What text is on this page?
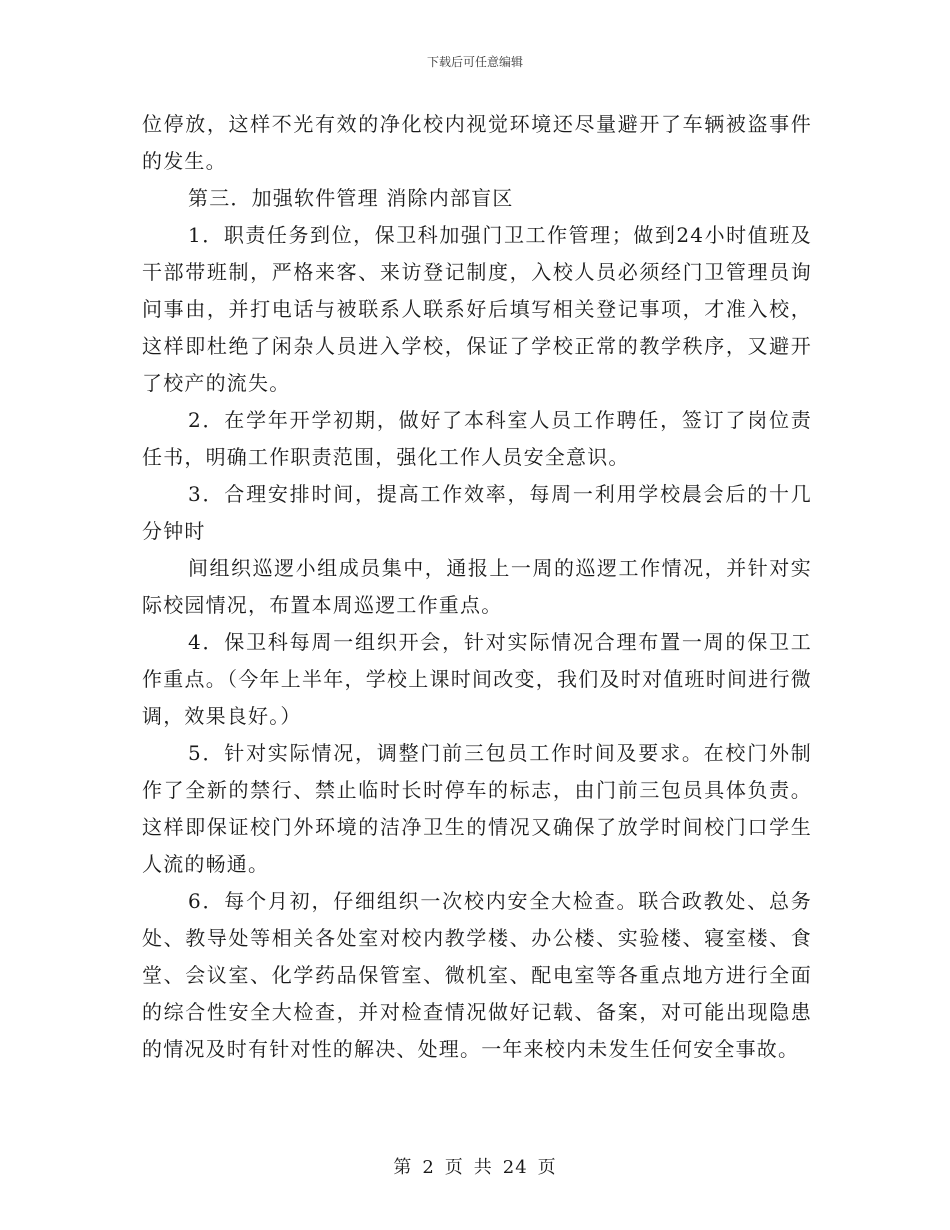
下载后可任意编辑

位停放，这样不光有效的净化校内视觉环境还尽量避开了车辆被盗事件的发生。

第三．加强软件管理 消除内部盲区

1．职责任务到位，保卫科加强门卫工作管理；做到24小时值班及干部带班制，严格来客、来访登记制度，入校人员必须经门卫管理员询问事由，并打电话与被联系人联系好后填写相关登记事项，才准入校，这样即杜绝了闲杂人员进入学校，保证了学校正常的教学秩序，又避开了校产的流失。

2．在学年开学初期，做好了本科室人员工作聘任，签订了岗位责任书，明确工作职责范围，强化工作人员安全意识。

3．合理安排时间，提高工作效率，每周一利用学校晨会后的十几分钟时

间组织巡逻小组成员集中，通报上一周的巡逻工作情况，并针对实际校园情况，布置本周巡逻工作重点。

4．保卫科每周一组织开会，针对实际情况合理布置一周的保卫工作重点。（今年上半年，学校上课时间改变，我们及时对值班时间进行微调，效果良好。）

5．针对实际情况，调整门前三包员工作时间及要求。在校门外制作了全新的禁行、禁止临时长时停车的标志，由门前三包员具体负责。这样即保证校门外环境的洁净卫生的情况又确保了放学时间校门口学生人流的畅通。

6．每个月初，仔细组织一次校内安全大检查。联合政教处、总务处、教导处等相关各处室对校内教学楼、办公楼、实验楼、寝室楼、食堂、会议室、化学药品保管室、微机室、配电室等各重点地方进行全面的综合性安全大检查，并对检查情况做好记载、备案，对可能出现隐患的情况及时有针对性的解决、处理。一年来校内未发生任何安全事故。

第 2 页 共 24 页
